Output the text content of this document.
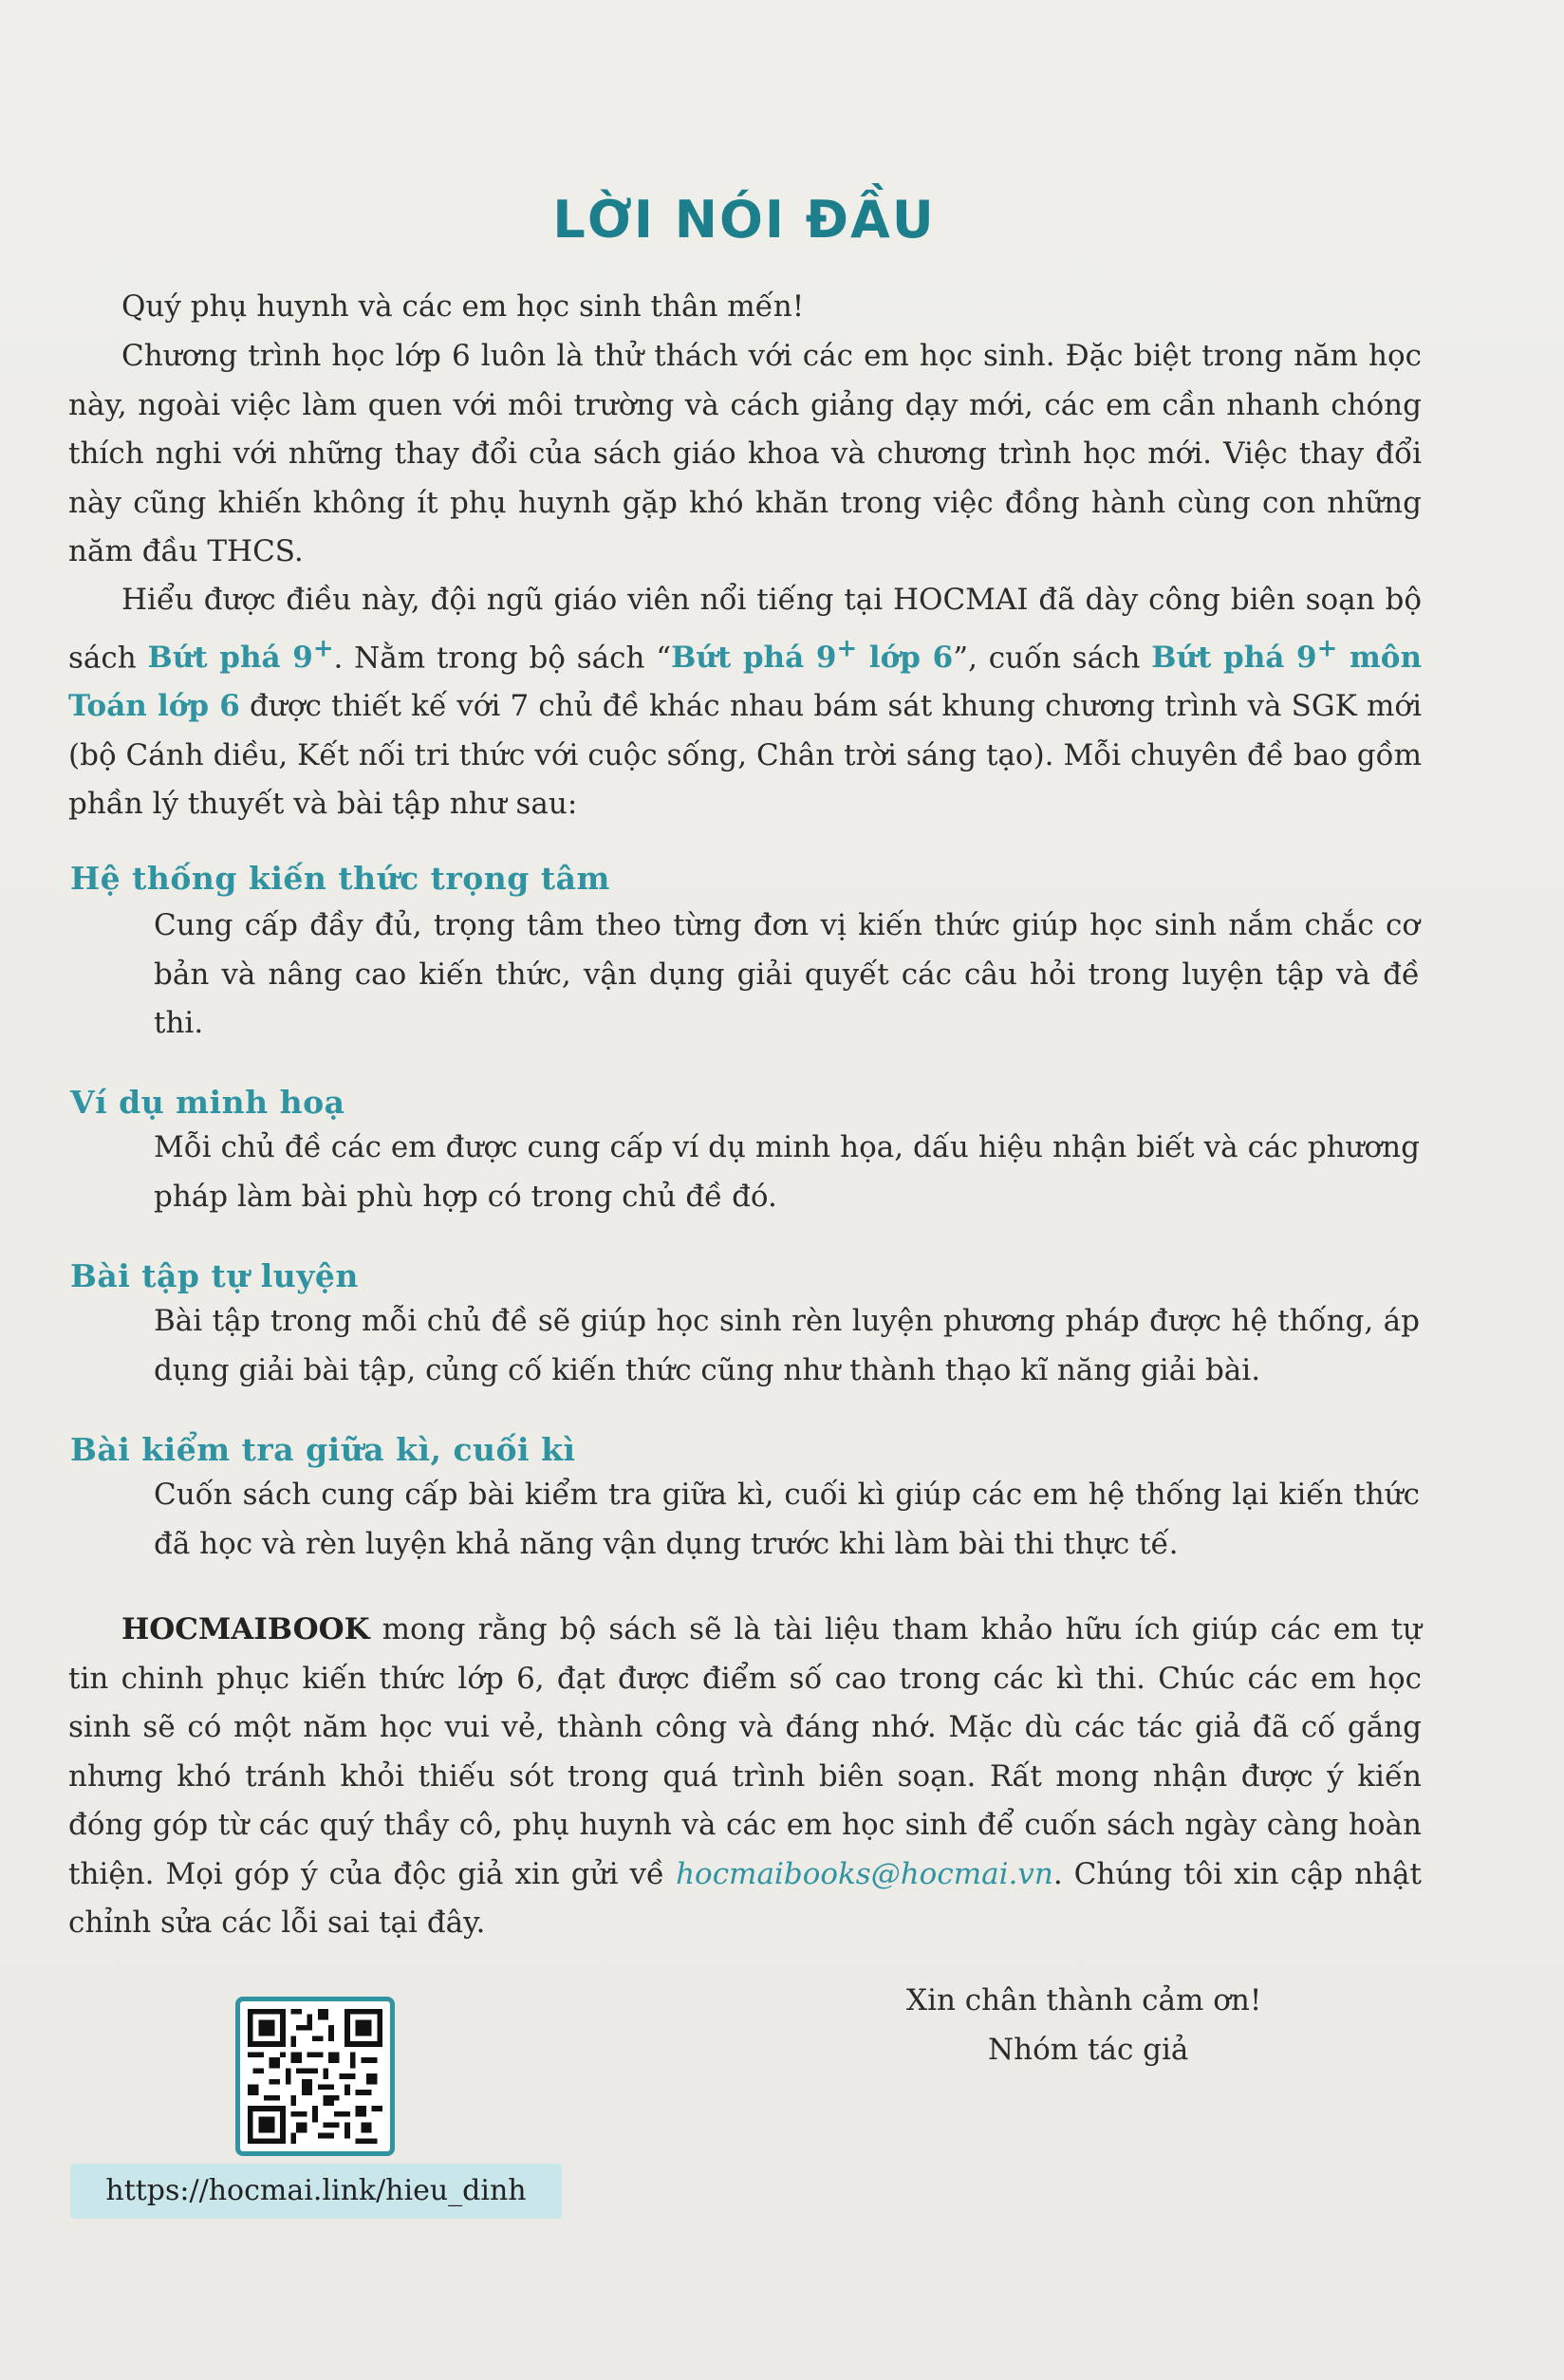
LỜI NÓI ĐẦU

Quý phụ huynh và các em học sinh thân mến!

Chương trình học lớp 6 luôn là thử thách với các em học sinh. Đặc biệt trong năm học này, ngoài việc làm quen với môi trường và cách giảng dạy mới, các em cần nhanh chóng thích nghi với những thay đổi của sách giáo khoa và chương trình học mới. Việc thay đổi này cũng khiến không ít phụ huynh gặp khó khăn trong việc đồng hành cùng con những năm đầu THCS.

Hiểu được điều này, đội ngũ giáo viên nổi tiếng tại HOCMAI đã dày công biên soạn bộ sách Bứt phá 9+. Nằm trong bộ sách “Bứt phá 9+ lớp 6”, cuốn sách Bứt phá 9+ môn Toán lớp 6 được thiết kế với 7 chủ đề khác nhau bám sát khung chương trình và SGK mới (bộ Cánh diều, Kết nối tri thức với cuộc sống, Chân trời sáng tạo). Mỗi chuyên đề bao gồm phần lý thuyết và bài tập như sau:

Hệ thống kiến thức trọng tâm

Cung cấp đầy đủ, trọng tâm theo từng đơn vị kiến thức giúp học sinh nắm chắc cơ bản và nâng cao kiến thức, vận dụng giải quyết các câu hỏi trong luyện tập và đề thi.

Ví dụ minh hoạ

Mỗi chủ đề các em được cung cấp ví dụ minh họa, dấu hiệu nhận biết và các phương pháp làm bài phù hợp có trong chủ đề đó.

Bài tập tự luyện

Bài tập trong mỗi chủ đề sẽ giúp học sinh rèn luyện phương pháp được hệ thống, áp dụng giải bài tập, củng cố kiến thức cũng như thành thạo kĩ năng giải bài.

Bài kiểm tra giữa kì, cuối kì

Cuốn sách cung cấp bài kiểm tra giữa kì, cuối kì giúp các em hệ thống lại kiến thức đã học và rèn luyện khả năng vận dụng trước khi làm bài thi thực tế.

HOCMAIBOOK mong rằng bộ sách sẽ là tài liệu tham khảo hữu ích giúp các em tự tin chinh phục kiến thức lớp 6, đạt được điểm số cao trong các kì thi. Chúc các em học sinh sẽ có một năm học vui vẻ, thành công và đáng nhớ. Mặc dù các tác giả đã cố gắng nhưng khó tránh khỏi thiếu sót trong quá trình biên soạn. Rất mong nhận được ý kiến đóng góp từ các quý thầy cô, phụ huynh và các em học sinh để cuốn sách ngày càng hoàn thiện. Mọi góp ý của độc giả xin gửi về hocmaibooks@hocmai.vn. Chúng tôi xin cập nhật chỉnh sửa các lỗi sai tại đây.

Xin chân thành cảm ơn!
Nhóm tác giả
https://hocmai.link/hieu_dinh
